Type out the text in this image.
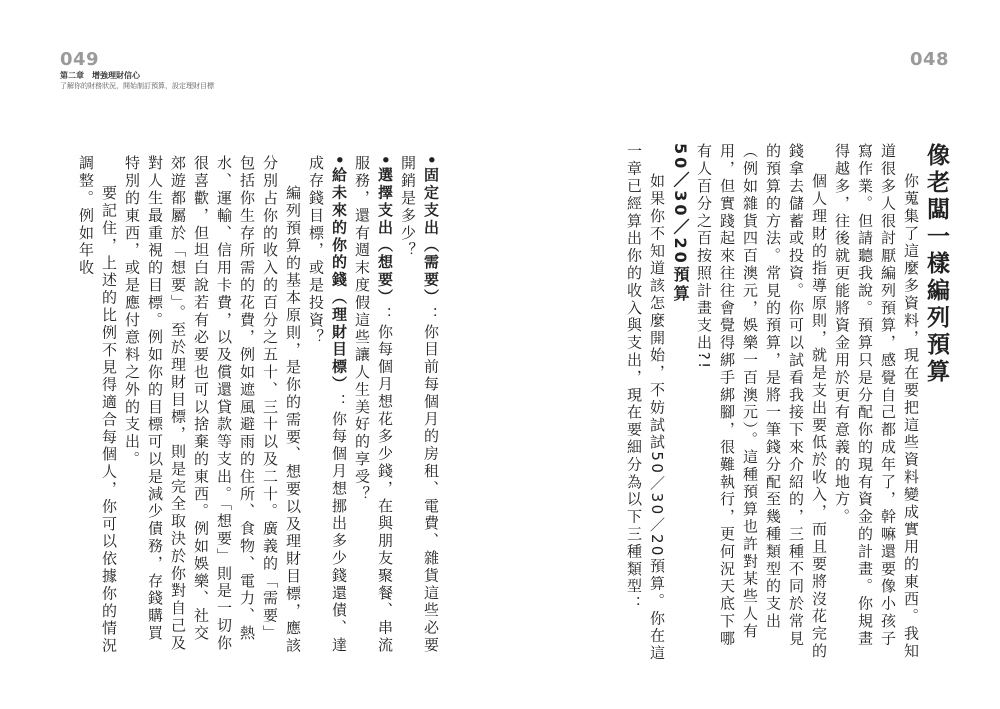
049
第二章　增強理財信心
了解你的財務狀況，開始制訂預算，設定理財目標
•固定支出（需要）：你目前每個月的房租、電費、雜貨這些必要開銷是多少？
•選擇支出（想要）：你每個月想花多少錢，在與朋友聚餐、串流服務，還有週末度假這些讓人生美好的享受？
•給未來的你的錢（理財目標）：你每個月想挪出多少錢還債、達成存錢目標，或是投資？
編列預算的基本原則，是你的需要、想要以及理財目標，應該分別占你的收入的百分之五十、三十以及二十。廣義的「需要」包括你生存所需的花費，例如遮風避雨的住所、食物、電力、熱水、運輸、信用卡費，以及償還貸款等支出。「想要」則是一切你很喜歡，但坦白說若有必要也可以捨棄的東西。例如娛樂、社交郊遊都屬於「想要」。至於理財目標，則是完全取決於你對自己及對人生最重視的目標。例如你的目標可以是減少債務，存錢購買特別的東西，或是應付意料之外的支出。
要記住，上述的比例不見得適合每個人，你可以依據你的情況調整。例如年收
048
像老闆一樣編列預算
你蒐集了這麼多資料，現在要把這些資料變成實用的東西。我知道很多人很討厭編列預算，感覺自己都成年了，幹嘛還要像小孩子寫作業。但請聽我說。預算只是分配你的現有資金的計畫。你規畫得越多，往後就更能將資金用於更有意義的地方。
個人理財的指導原則，就是支出要低於收入，而且要將沒花完的錢拿去儲蓄或投資。你可以試看我接下來介紹的，三種不同於常見的預算的方法。常見的預算，是將一筆錢分配至幾種類型的支出（例如雜貨四百澳元，娛樂一百澳元）。這種預算也許對某些人有用，但實踐起來往往會覺得綁手綁腳，很難執行，更何況天底下哪有人百分之百按照計畫支出?!
50／30／20預算
如果你不知道該怎麼開始，不妨試試50／30／20預算。你在這一章已經算出你的收入與支出，現在要細分為以下三種類型：
